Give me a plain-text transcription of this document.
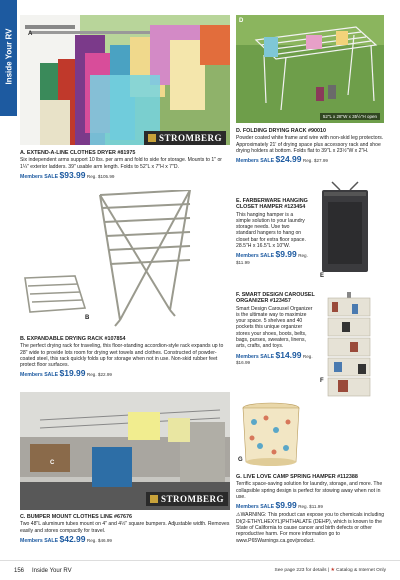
Inside Your RV A
STROMBERG
D
52"L x 28"W x 35½"H open
D. FOLDING DRYING RACK #90010
Powder coated white frame and wire with non-skid leg protectors. Approximately 21' of drying space plus accessory rack and shoe drying holders at bottom. Folds flat to 39"L x 23½"W x 2"H.
Members SALE $24.99 Reg. $27.99
A. EXTEND-A-LINE CLOTHES DRYER #81975
Six independent arms support 10 lbs. per arm and fold to side for storage. Mounts to 1" or 1¼" exterior ladders. 39" usable arm length. Folds to 52"L x 7"H x 7"D.
Members SALE $93.99 Reg. $105.99
B
E
E. FARBERWARE HANGING CLOSET HAMPER #123454
This hanging hamper is a simple solution to your laundry storage needs. Use two standard hangers to hang on closet bar for extra floor space. 28.5"H x 16.5"L x 10"W.
Members SALE $9.99 Reg. $11.99
F
F. SMART DESIGN CAROUSEL ORGANIZER #123457
Smart Design Carousel Organizer is the ultimate way to maximize your space. 5 shelves and 40 pockets this unique organizer stores your shoes, boots, belts, bags, purses, sweaters, linens, arts, crafts, and toys.
Members SALE $14.99 Reg. $16.99
B. EXPANDABLE DRYING RACK #107854
The perfect drying rack for traveling, this floor-standing accordion-style rack expands up to 28" wide to provide lots room for drying wet towels and clothes. Constructed of powder-coated steel, this rack quickly folds up for storage when not in use. Non-skid rubber feet protect floor surfaces.
Members SALE $19.99 Reg. $22.99
G
C
STROMBERG
G. LIVE LOVE CAMP SPRING HAMPER #112388
Terrific space-saving solution for laundry, storage, and more. The collapsible spring design is perfect for stowing away when not in use.
Members SALE $9.99 Reg. $11.99
⚠WARNING: This product can expose you to chemicals including DI(2-ETHYLHEXYL)PHTHALATE (DEHP), which is known to the State of California to cause cancer and birth defects or other reproductive harm. For more information go to www.P65Warnings.ca.gov/product.
C. BUMPER MOUNT CLOTHES LINE #67676
Two 48"L aluminum tubes mount on 4" and 4½" square bumpers. Adjustable width. Removes easily and stores compactly for travel.
Members SALE $42.99 Reg. $46.99
156 Inside Your RV	See page 223 for details | ★ Catalog & Internet Only
